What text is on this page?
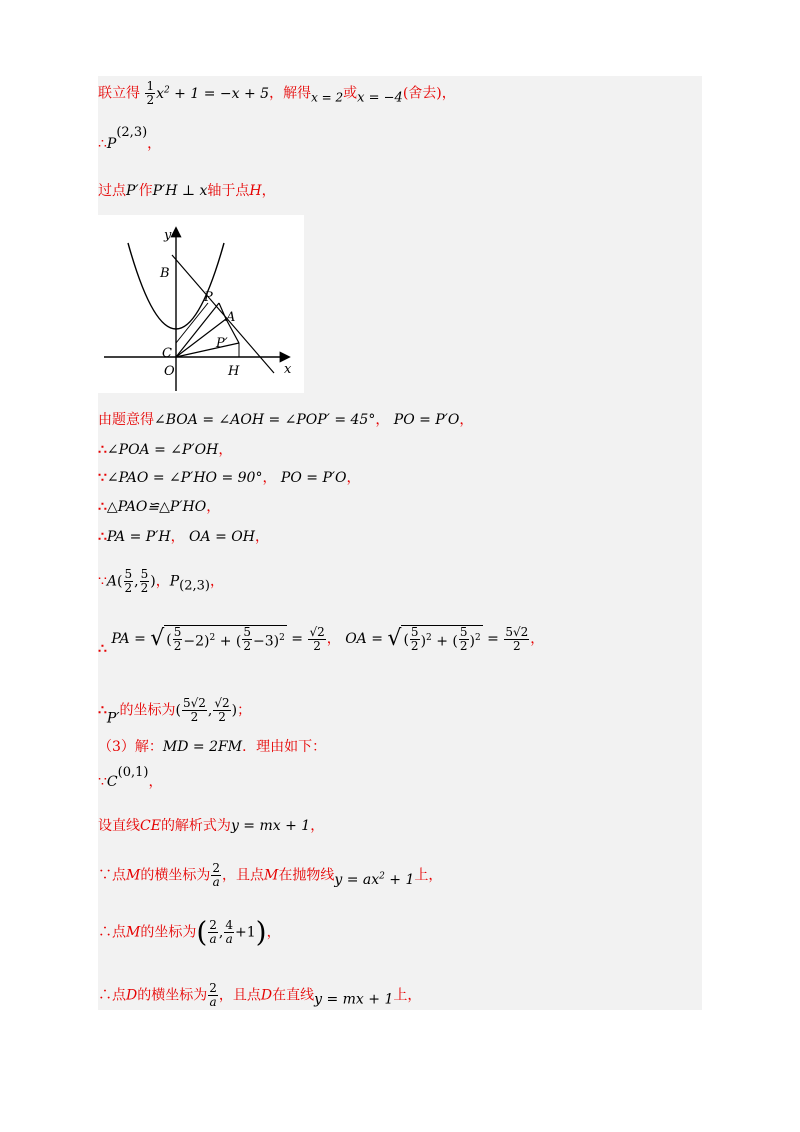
联立得 $\frac{1}{2} x^2 + 1 = -x + 5$，解得x = 2或x = −4(舍去)，
∴P(2,3)，
过点P′作P′H ⊥ x轴于点H，
y
x
B
P
A
P′
C
O	H
由题意得∠BOA = ∠AOH = ∠POP′ = 45°， PO = P′O，
∴∠POA = ∠P′OH，
∵∠PAO = ∠P′HO = 90°， PO = P′O，
∴△PAO≌△P′HO，
∴PA = P′H， OA = OH，
∵A( $\frac{5}{2}$ , $\frac{5}{2}$ )，P(2,3)，
∴ PA = √ ( $\frac{5}{2} -2)^2$ + ( $\frac{5}{2} -3)^2 = \frac{√2}{2}$ ， OA = √ ( $\frac{5}{2} )^2$ + ( $\frac{5}{2} )^2 = \frac{5√2}{2}$ ，
∴P′的坐标为( $\frac{5√2}{2}$ , $\frac{√2}{2}$ )；
（3）解：MD = 2FM．理由如下：
∵C(0,1)，
设直线CE的解析式为y = mx + 1，
∵点M的横坐标为 $\frac{2}{a}$ ，且点M在抛物线$y = ax^2 + 1$上，
∴点M的坐标为( $\frac{2}{a}$ , $\frac{4}{a} +1$)，
∴点D的横坐标为 $\frac{2}{a}$ ，且点D在直线y = mx + 1上，
